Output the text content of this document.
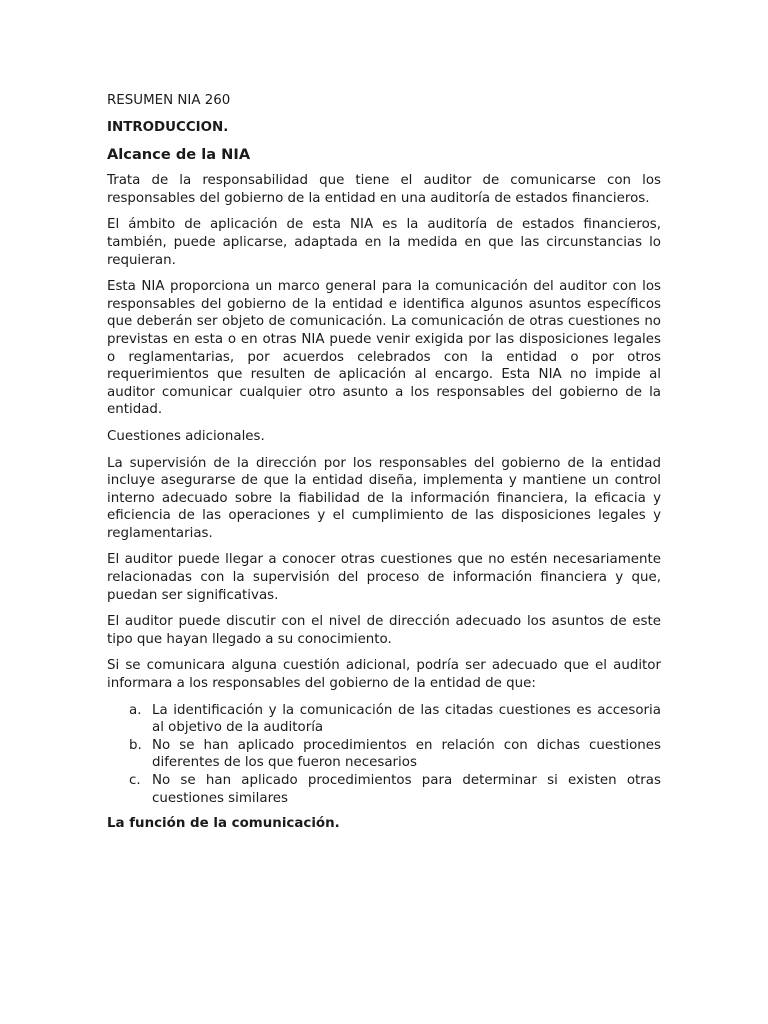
RESUMEN NIA 260

INTRODUCCION.

Alcance de la NIA

Trata de la responsabilidad que tiene el auditor de comunicarse con los responsables del gobierno de la entidad en una auditoría de estados financieros.

El ámbito de aplicación de esta NIA es la auditoría de estados financieros, también, puede aplicarse, adaptada en la medida en que las circunstancias lo requieran.

Esta NIA proporciona un marco general para la comunicación del auditor con los responsables del gobierno de la entidad e identifica algunos asuntos específicos que deberán ser objeto de comunicación. La comunicación de otras cuestiones no previstas en esta o en otras NIA puede venir exigida por las disposiciones legales o reglamentarias, por acuerdos celebrados con la entidad o por otros requerimientos que resulten de aplicación al encargo. Esta NIA no impide al auditor comunicar cualquier otro asunto a los responsables del gobierno de la entidad.

Cuestiones adicionales.

La supervisión de la dirección por los responsables del gobierno de la entidad incluye asegurarse de que la entidad diseña, implementa y mantiene un control interno adecuado sobre la fiabilidad de la información financiera, la eficacia y eficiencia de las operaciones y el cumplimiento de las disposiciones legales y reglamentarias.

El auditor puede llegar a conocer otras cuestiones que no estén necesariamente relacionadas con la supervisión del proceso de información financiera y que, puedan ser significativas.

El auditor puede discutir con el nivel de dirección adecuado los asuntos de este tipo que hayan llegado a su conocimiento.

Si se comunicara alguna cuestión adicional, podría ser adecuado que el auditor informara a los responsables del gobierno de la entidad de que:

a. La identificación y la comunicación de las citadas cuestiones es accesoria al objetivo de la auditoría
b. No se han aplicado procedimientos en relación con dichas cuestiones diferentes de los que fueron necesarios
c. No se han aplicado procedimientos para determinar si existen otras cuestiones similares

La función de la comunicación.
